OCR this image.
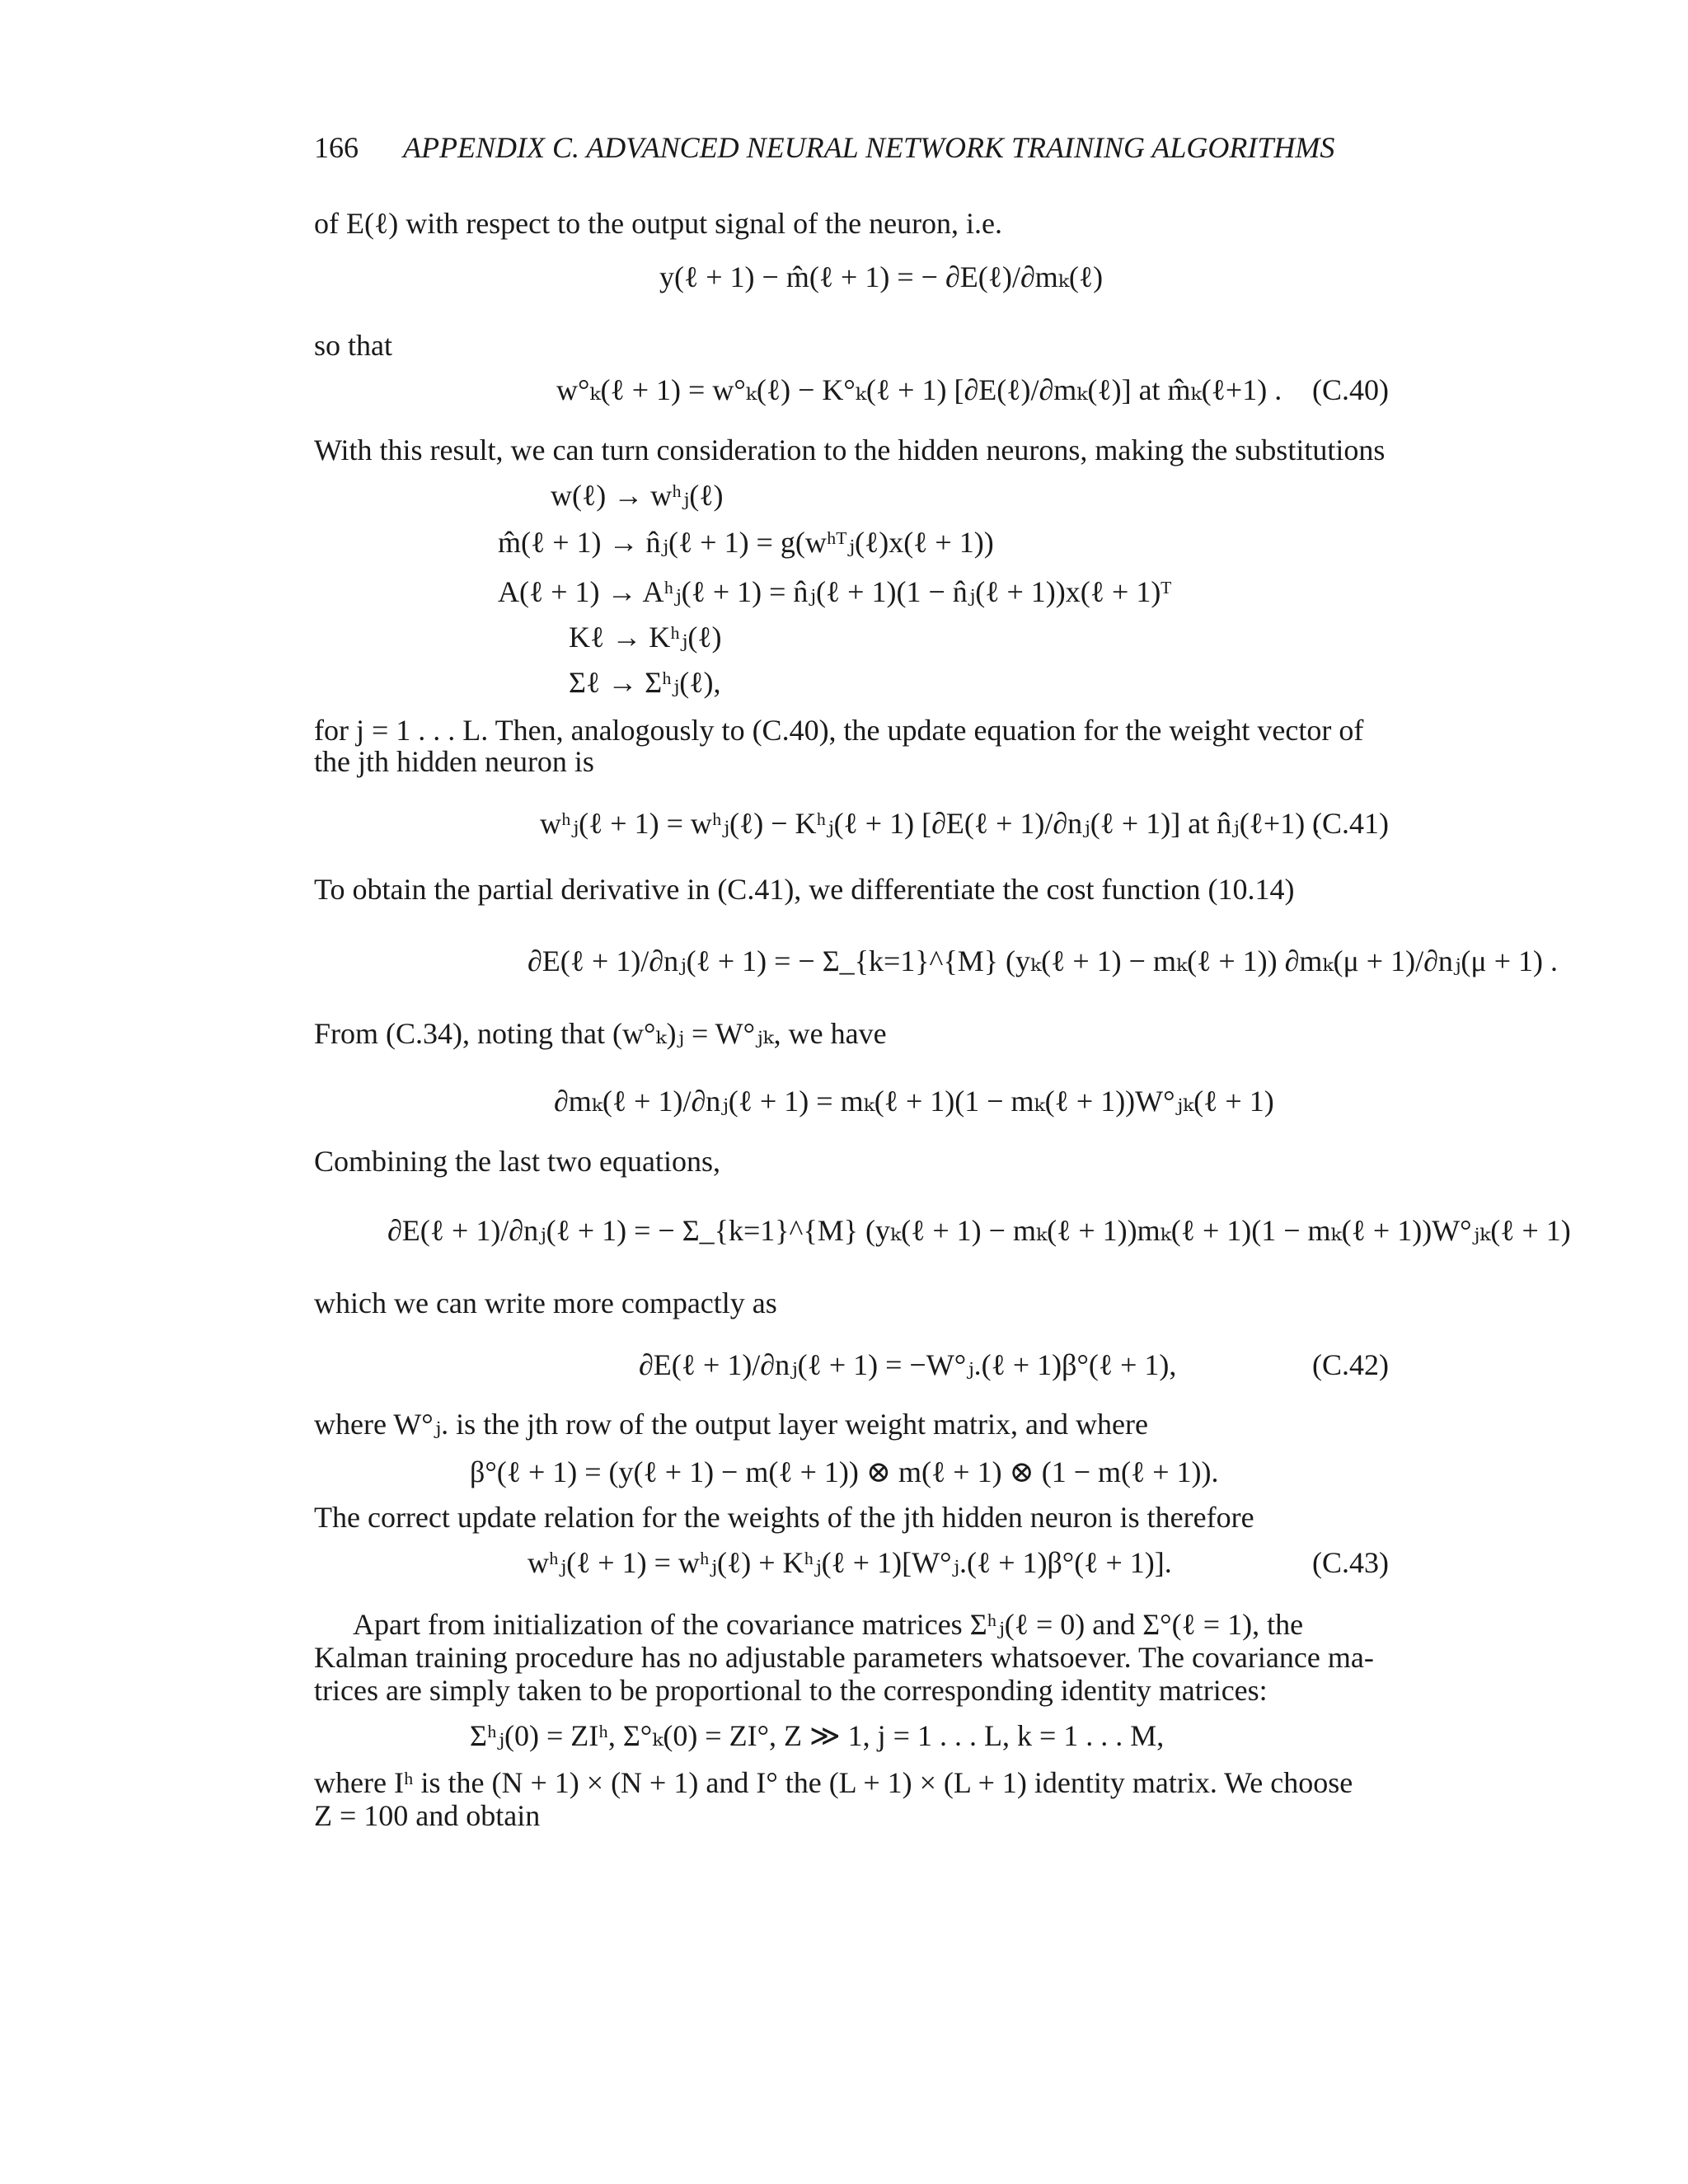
166 APPENDIX C. ADVANCED NEURAL NETWORK TRAINING ALGORITHMS
of E(ℓ) with respect to the output signal of the neuron, i.e.
y(ℓ + 1) − m̂(ℓ + 1) = − ∂E(ℓ)/∂mₖ(ℓ)
so that
w°ₖ(ℓ + 1) = w°ₖ(ℓ) − K°ₖ(ℓ + 1) [∂E(ℓ)/∂mₖ(ℓ)] at m̂ₖ(ℓ+1) . (C.40)
With this result, we can turn consideration to the hidden neurons, making the substitutions
w(ℓ) → wʰⱼ(ℓ)
m̂(ℓ + 1) → n̂ⱼ(ℓ + 1) = g(wʰᵀⱼ(ℓ)x(ℓ + 1))
A(ℓ + 1) → Aʰⱼ(ℓ + 1) = n̂ⱼ(ℓ + 1)(1 − n̂ⱼ(ℓ + 1))x(ℓ + 1)ᵀ
Kℓ → Kʰⱼ(ℓ)
Σℓ → Σʰⱼ(ℓ),
for j = 1 . . . L. Then, analogously to (C.40), the update equation for the weight vector of
the jth hidden neuron is
wʰⱼ(ℓ + 1) = wʰⱼ(ℓ) − Kʰⱼ(ℓ + 1) [∂E(ℓ + 1)/∂nⱼ(ℓ + 1)] at n̂ⱼ(ℓ+1) .
(C.41)
To obtain the partial derivative in (C.41), we differentiate the cost function (10.14)
∂E(ℓ + 1)/∂nⱼ(ℓ + 1) = − Σ_{k=1}^{M} (yₖ(ℓ + 1) − mₖ(ℓ + 1)) ∂mₖ(μ + 1)/∂nⱼ(μ + 1) .
From (C.34), noting that (w°ₖ)ⱼ = W°ⱼₖ, we have
∂mₖ(ℓ + 1)/∂nⱼ(ℓ + 1) = mₖ(ℓ + 1)(1 − mₖ(ℓ + 1))W°ⱼₖ(ℓ + 1)
Combining the last two equations,
∂E(ℓ + 1)/∂nⱼ(ℓ + 1) = − Σ_{k=1}^{M} (yₖ(ℓ + 1) − mₖ(ℓ + 1))mₖ(ℓ + 1)(1 − mₖ(ℓ + 1))W°ⱼₖ(ℓ + 1)
which we can write more compactly as
∂E(ℓ + 1)/∂nⱼ(ℓ + 1) = −W°ⱼ.(ℓ + 1)β°(ℓ + 1),	(C.42)
where W°ⱼ. is the jth row of the output layer weight matrix, and where
β°(ℓ + 1) = (y(ℓ + 1) − m(ℓ + 1)) ⊗ m(ℓ + 1) ⊗ (1 − m(ℓ + 1)).
The correct update relation for the weights of the jth hidden neuron is therefore
wʰⱼ(ℓ + 1) = wʰⱼ(ℓ) + Kʰⱼ(ℓ + 1)[W°ⱼ.(ℓ + 1)β°(ℓ + 1)].	(C.43)
Apart from initialization of the covariance matrices Σʰⱼ(ℓ = 0) and Σ°(ℓ = 1), the
Kalman training procedure has no adjustable parameters whatsoever. The covariance ma-
trices are simply taken to be proportional to the corresponding identity matrices:
Σʰⱼ(0) = ZIʰ, Σ°ₖ(0) = ZI°, Z ≫ 1, j = 1 . . . L, k = 1 . . . M,
where Iʰ is the (N + 1) × (N + 1) and I° the (L + 1) × (L + 1) identity matrix. We choose
Z = 100 and obtain
